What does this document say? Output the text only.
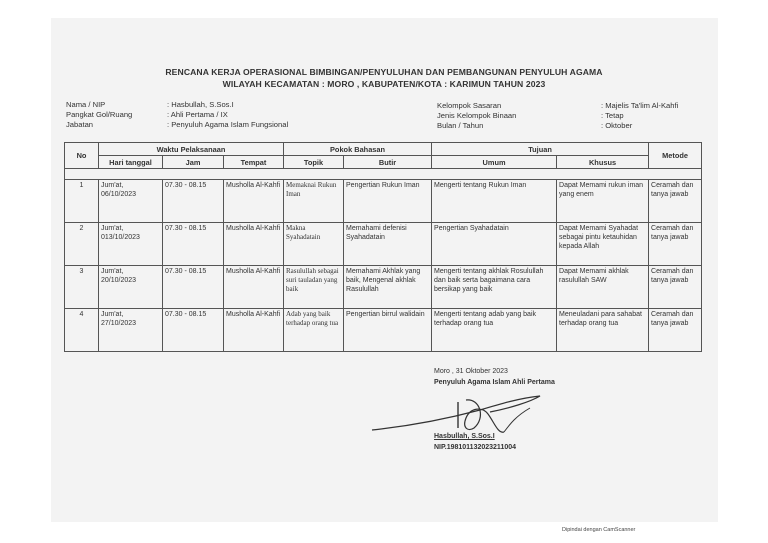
RENCANA KERJA OPERASIONAL BIMBINGAN/PENYULUHAN DAN PEMBANGUNAN PENYULUH AGAMA
WILAYAH KECAMATAN : MORO , KABUPATEN/KOTA : KARIMUN TAHUN 2023
Nama / NIP	: Hasbullah, S.Sos.I
Pangkat Gol/Ruang	: Ahli Pertama / IX
Jabatan	: Penyuluh Agama Islam Fungsional
Kelompok Sasaran	: Majelis Ta'lim Al-Kahfi
Jenis Kelompok Binaan	: Tetap
Bulan / Tahun	: Oktober
No	Waktu Pelaksanaan			Pokok Bahasan		Tujuan		Metode
	Hari tanggal	Jam	Tempat	Topik	Butir	Umum	Khusus	

1	Jum'at, 06/10/2023	07.30 - 08.15	Musholla Al-Kahfi	Memaknai Rukun Iman	Pengertian Rukun Iman	Mengerti tentang Rukun Iman	Dapat Memami rukun iman yang enem	Ceramah dan tanya jawab
2	Jum'at, 013/10/2023	07.30 - 08.15	Musholla Al-Kahfi	Makna Syahadatain	Memahami defenisi Syahadatain	Pengertian Syahadatain	Dapat Memami Syahadat sebagai pintu ketauhidan kepada Allah	Ceramah dan tanya jawab
3	Jum'at, 20/10/2023	07.30 - 08.15	Musholla Al-Kahfi	Rasulullah sebagai suri tauladan yang baik	Memahami Akhlak yang baik, Mengenal akhlak Rasulullah	Mengerti tentang akhlak Rosulullah dan baik serta bagaimana cara bersikap yang baik	Dapat Memami akhlak rasulullah SAW	Ceramah dan tanya jawab
4	Jum'at, 27/10/2023	07.30 - 08.15	Musholla Al-Kahfi	Adab yang baik terhadap orang tua	Pengertian birrul walidain	Mengerti tentang adab yang baik terhadap orang tua	Meneuladani para sahabat terhadap orang tua	Ceramah dan tanya jawab
Moro , 31 Oktober 2023
Penyuluh Agama Islam Ahli Pertama
Hasbullah, S.Sos.I
NIP.198101132023211004
Dipindai dengan CamScanner
